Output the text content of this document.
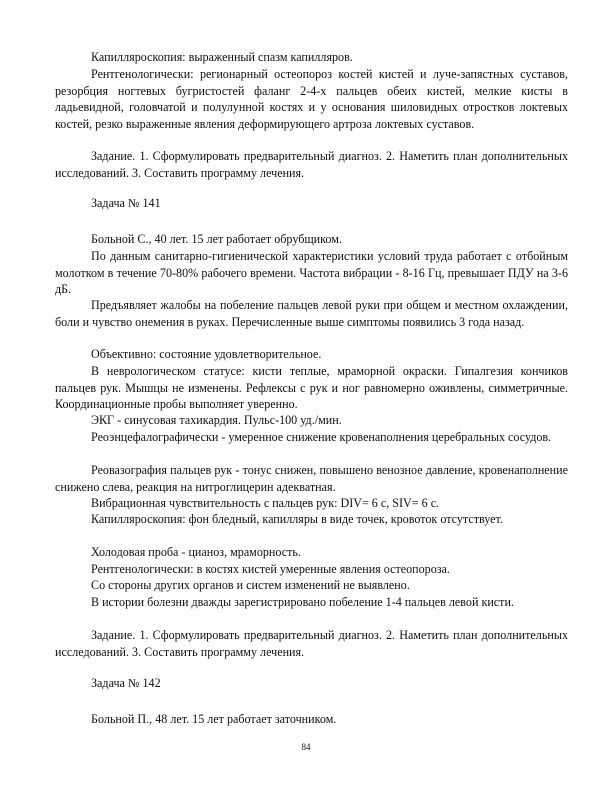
Капилляроскопия: выраженный спазм капилляров.

Рентгенологически: регионарный остеопороз костей кистей и луче-запястных суставов, резорбция ногтевых бугристостей фаланг 2-4-х пальцев обеих кистей, мелкие кисты в ладьевидной, головчатой и полулунной костях и у основания шиловидных отростков локтевых костей, резко выраженные явления деформирующего артроза локтевых суставов.

Задание. 1. Сформулировать предварительный диагноз. 2. Наметить план дополнительных исследований. 3. Составить программу лечения.

Задача № 141

Больной С., 40 лет. 15 лет работает обрубщиком.

По данным санитарно-гигиенической характеристики условий труда работает с отбойным молотком в течение 70-80% рабочего времени. Частота вибрации - 8-16 Гц, превышает ПДУ на 3-6 дБ.

Предъявляет жалобы на побеление пальцев левой руки при общем и местном охлаждении, боли и чувство онемения в руках. Перечисленные выше симптомы появились 3 года назад.

Объективно: состояние удовлетворительное.

В неврологическом статусе: кисти теплые, мраморной окраски. Гипалгезия кончиков пальцев рук. Мышцы не изменены. Рефлексы с рук и ног равномерно оживлены, симметричные. Координационные пробы выполняет уверенно.

ЭКГ - синусовая тахикардия. Пульс-100 уд./мин.

Реоэнцефалографически - умеренное снижение кровенаполнения церебральных сосудов.

Реовазография пальцев рук - тонус снижен, повышено венозное давление, кровенаполнение снижено слева, реакция на нитроглицерин адекватная.

Вибрационная чувствительность с пальцев рук: DIV= 6 с, SIV= 6 с.

Капилляроскопия: фон бледный, капилляры в виде точек, кровоток отсутствует.

Холодовая проба - цианоз, мраморность.

Рентгенологически: в костях кистей умеренные явления остеопороза.

Со стороны других органов и систем изменений не выявлено.

В истории болезни дважды зарегистрировано побеление 1-4 пальцев левой кисти.

Задание. 1. Сформулировать предварительный диагноз. 2. Наметить план дополнительных исследований. 3. Составить программу лечения.

Задача № 142

Больной П., 48 лет. 15 лет работает заточником.

84
